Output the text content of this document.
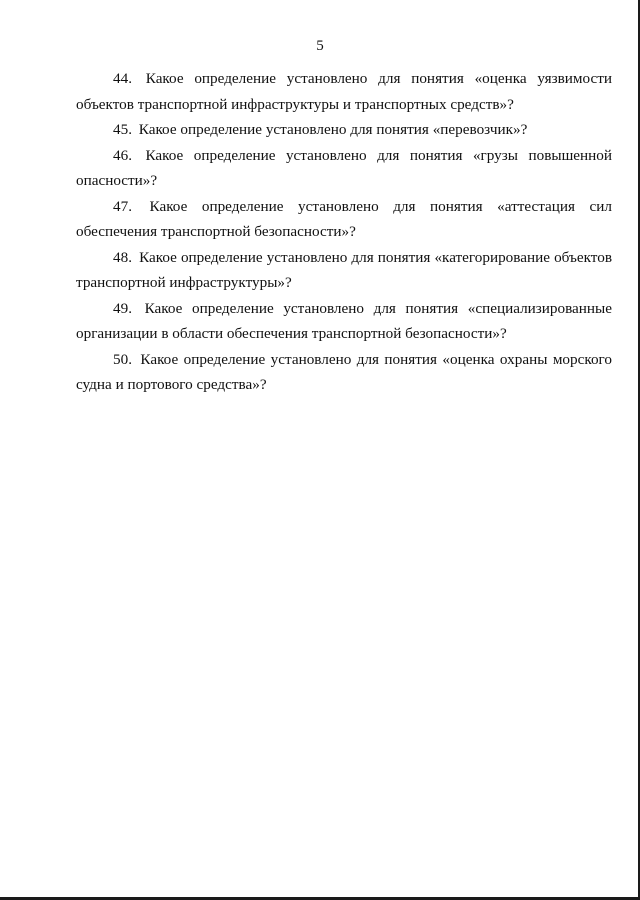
5

44. Какое определение установлено для понятия «оценка уязвимости объектов транспортной инфраструктуры и транспортных средств»?

45. Какое определение установлено для понятия «перевозчик»?

46. Какое определение установлено для понятия «грузы повышенной опасности»?

47. Какое определение установлено для понятия «аттестация сил обеспечения транспортной безопасности»?

48. Какое определение установлено для понятия «категорирование объектов транспортной инфраструктуры»?

49. Какое определение установлено для понятия «специализированные организации в области обеспечения транспортной безопасности»?

50. Какое определение установлено для понятия «оценка охраны морского судна и портового средства»?
